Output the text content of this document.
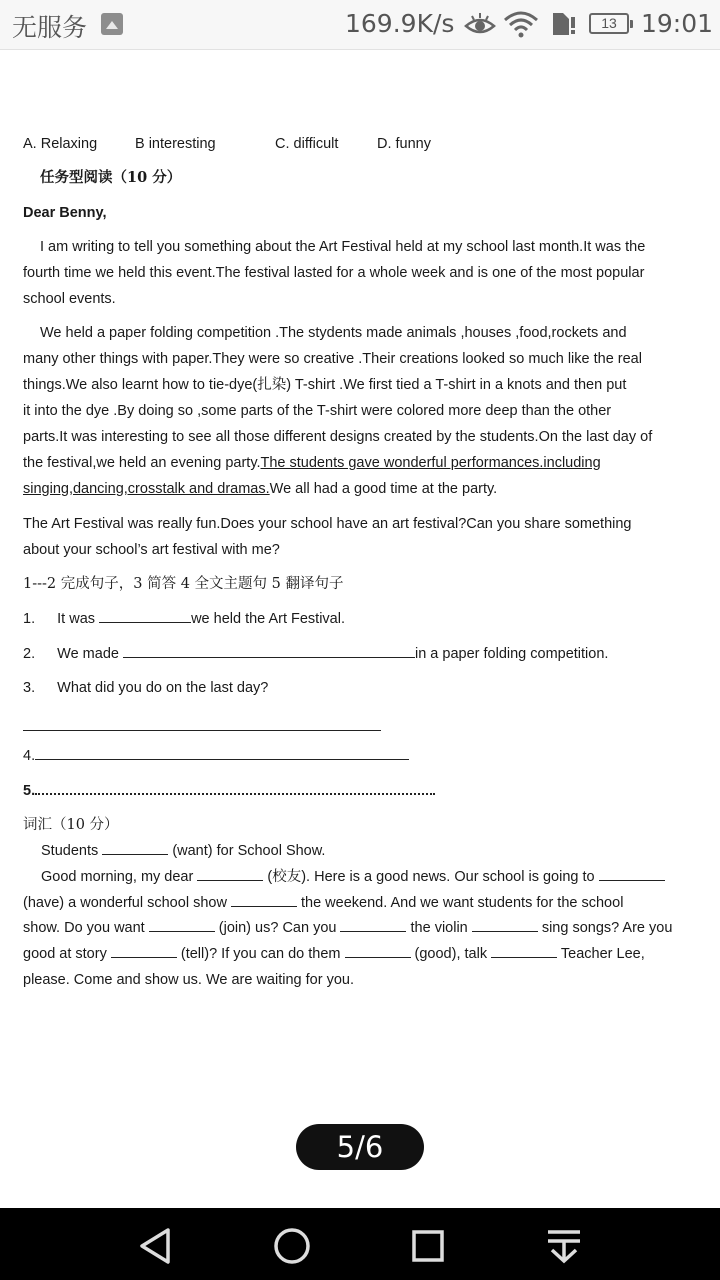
无服务	169.9K/s	13 19:01
A. Relaxing	B interesting	C. difficult	D. funny
任务型阅读（10 分）
Dear Benny,
I am writing to tell you something about the Art Festival held at my school last month.It was the
fourth time we held this event.The festival lasted for a whole week and is one of the most popular
school events.
We held a paper folding competition .The stydents made animals ,houses ,food,rockets and
many other things with paper.They were so creative .Their creations looked so much like the real
things.We also learnt how to tie-dye(扎染) T-shirt .We first tied a T-shirt in a knots and then put
it into the dye .By doing so ,some parts of the T-shirt were colored more deep than the other
parts.It was interesting to see all those different designs created by the students.On the last day of
the festival,we held an evening party.The students gave wonderful performances.including
singing,dancing,crosstalk and dramas.We all had a good time at the party.
The Art Festival was really fun.Does your school have an art festival?Can you share something
about your school’s art festival with me?
1---2 完成句子，3 简答 4 全文主题句 5 翻译句子
1. It was	we held the Art Festival.
2. We made	in a paper folding competition.
3. What did you do on the last day?
4.
5.
词汇（10 分）
Students	(want) for School Show.
Good morning, my dear	(校友). Here is a good news. Our school is going to
(have) a wonderful school show	the weekend. And we want students for the school
show. Do you want	(join) us? Can you	the violin	sing songs? Are you
good at story	(tell)? If you can do them	(good), talk	Teacher Lee,
please. Come and show us. We are waiting for you.
5/6
